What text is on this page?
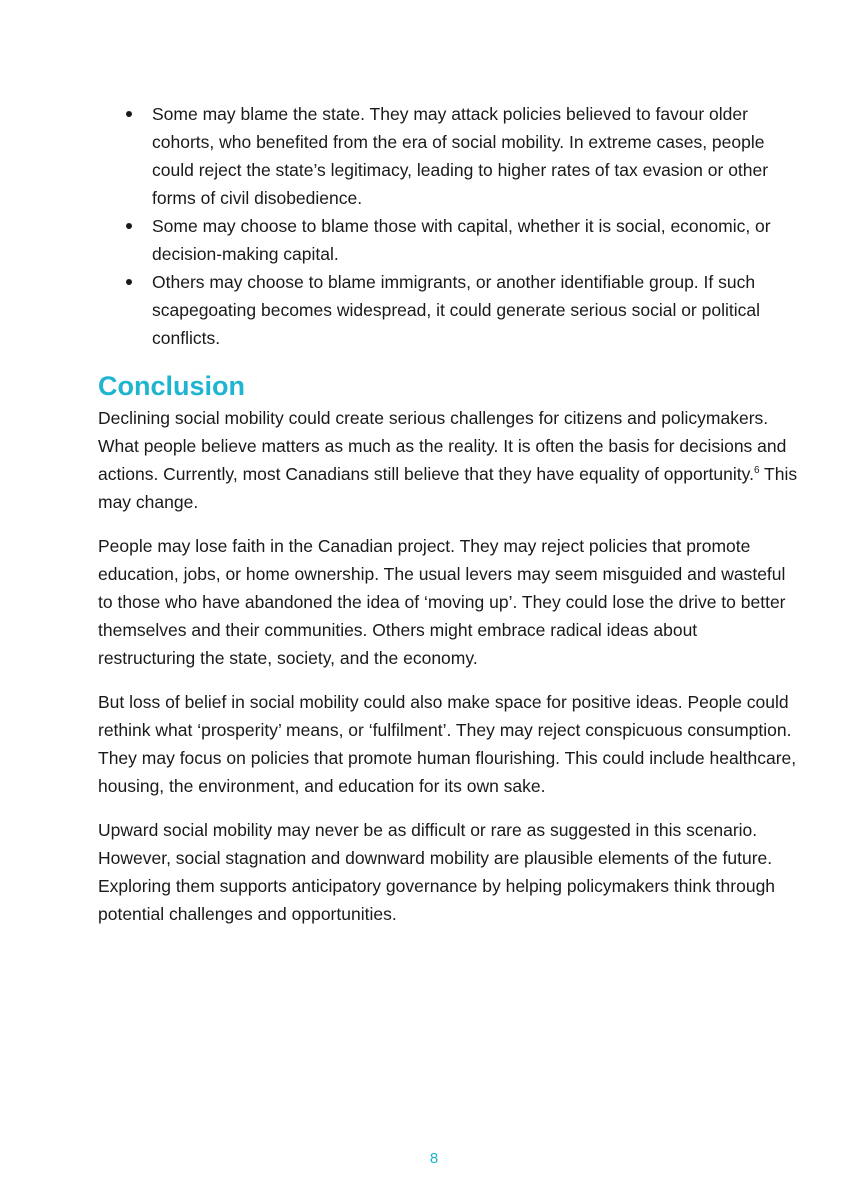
Some may blame the state. They may attack policies believed to favour older cohorts, who benefited from the era of social mobility. In extreme cases, people could reject the state’s legitimacy, leading to higher rates of tax evasion or other forms of civil disobedience.
Some may choose to blame those with capital, whether it is social, economic, or decision-making capital.
Others may choose to blame immigrants, or another identifiable group. If such scapegoating becomes widespread, it could generate serious social or political conflicts.
Conclusion

Declining social mobility could create serious challenges for citizens and policymakers. What people believe matters as much as the reality. It is often the basis for decisions and actions. Currently, most Canadians still believe that they have equality of opportunity.$^6$ This may change.

People may lose faith in the Canadian project. They may reject policies that promote education, jobs, or home ownership. The usual levers may seem misguided and wasteful to those who have abandoned the idea of ‘moving up’. They could lose the drive to better themselves and their communities. Others might embrace radical ideas about restructuring the state, society, and the economy.

But loss of belief in social mobility could also make space for positive ideas. People could rethink what ‘prosperity’ means, or ‘fulfilment’. They may reject conspicuous consumption. They may focus on policies that promote human flourishing. This could include healthcare, housing, the environment, and education for its own sake.

Upward social mobility may never be as difficult or rare as suggested in this scenario. However, social stagnation and downward mobility are plausible elements of the future. Exploring them supports anticipatory governance by helping policymakers think through potential challenges and opportunities.

8
